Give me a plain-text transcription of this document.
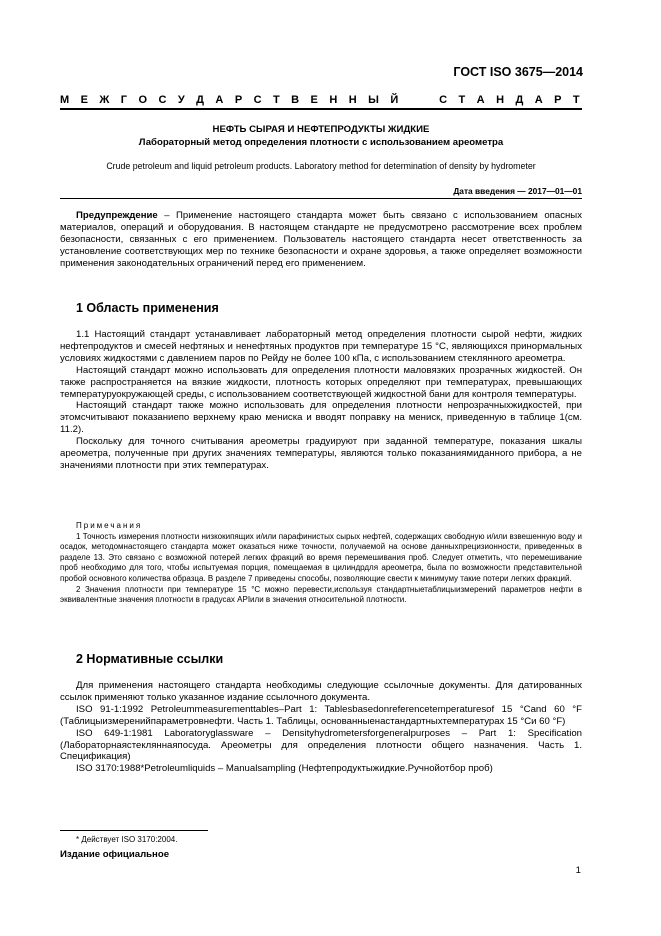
ГОСТ ISO 3675—2014
М Е Ж Г О С У Д А Р С Т В Е Н Н Ы Й	С Т А Н Д А Р Т
НЕФТЬ СЫРАЯ И НЕФТЕПРОДУКТЫ ЖИДКИЕ
Лабораторный метод определения плотности с использованием ареометра
Crude petroleum and liquid petroleum products. Laboratory method for determination of density by hydrometer
Дата введения — 2017—01—01

Предупреждение – Применение настоящего стандарта может быть связано с использованием опасных материалов, операций и оборудования. В настоящем стандарте не предусмотрено рассмотрение всех проблем безопасности, связанных с его применением. Пользователь настоящего стандарта несет ответственность за установление соответствующих мер по технике безопасности и охране здоровья, а также определяет возможности применения законодательных ограничений перед его применением.

1 Область применения

1.1 Настоящий стандарт устанавливает лабораторный метод определения плотности сырой нефти, жидких нефтепродуктов и смесей нефтяных и ненефтяных продуктов при температуре 15 °С, являющихся принормальных условиях жидкостями с давлением паров по Рейду не более 100 кПа, с использованием стеклянного ареометра.

Настоящий стандарт можно использовать для определения плотности маловязких прозрачных жидкостей. Он также распространяется на вязкие жидкости, плотность которых определяют при температурах, превышающих температуруокружающей среды, с использованием соответствующей жидкостной бани для контроля температуры.

Настоящий стандарт также можно использовать для определения плотности непрозрачныхжидкостей, при этомсчитывают показаниепо верхнему краю мениска и вводят поправку на мениск, приведенную в таблице 1(см. 11.2).

Поскольку для точного считывания ареометры градуируют при заданной температуре, показания шкалы ареометра, полученные при других значениях температуры, являются только показаниямиданного прибора, а не значениями плотности при этих температурах.

Примечания

1 Точность измерения плотности низкокипящих и/или парафинистых сырых нефтей, содержащих свободную и/или взвешенную воду и осадок, методомнастоящего стандарта может оказаться ниже точности, получаемой на основе данныхпрецизионности, приведенных в разделе 13. Это связано с возможной потерей легких фракций во время перемешивания проб. Следует отметить, что перемешивание проб необходимо для того, чтобы испытуемая порция, помещаемая в цилиндрдля ареометра, была по возможности представительной пробой основного количества образца. В разделе 7 приведены способы, позволяющие свести к минимуму такие потери легких фракций.

2 Значения плотности при температуре 15 °С можно перевести,используя стандартныетаблицыизмерений параметров нефти в эквивалентные значения плотности в градусах APIили в значения относительной плотности.

2 Нормативные ссылки

Для применения настоящего стандарта необходимы следующие ссылочные документы. Для датированных ссылок применяют только указанное издание ссылочного документа.

ISO 91-1:1992 Petroleummeasurementtables–Part 1: Tablesbasedonreferencetemperaturesof 15 °Cand 60 °F (Таблицыизмеренийпараметровнефти. Часть 1. Таблицы, основанныенастандартныхтемпературах 15 °Си 60 °F)

ISO 649-1:1981 Laboratoryglassware – Densityhydrometersforgeneralpurposes – Part 1: Specification (Лабораторнаястекляннаяпосуда. Ареометры для определения плотности общего назначения. Часть 1. Спецификация)

ISO 3170:1988*Petroleumliquids – Manualsampling (Нефтепродуктыжидкие.Ручнойотбор проб)

* Действует ISO 3170:2004.
Издание официальное
1
